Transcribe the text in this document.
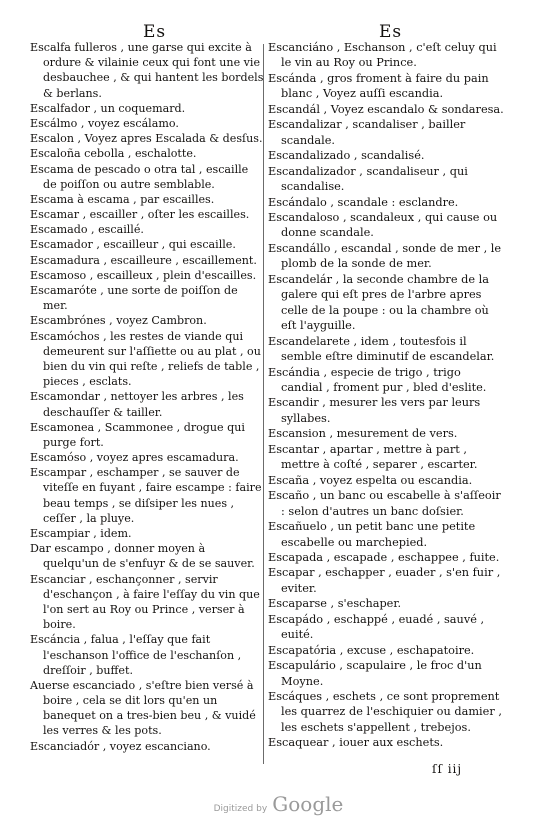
Es	Es

Escalfa fulleros , une garse qui excite à ordure & vilainie ceux qui font une vie desbauchee , & qui hantent les bordels & berlans.

Escalfador , un coquemard.

Escálmo , voyez escálamo.

Escalon , Voyez apres Escalada & desſus.

Escaloña cebolla , eschalotte.

Escama de pescado o otra tal , escaille de poiſſon ou autre semblable.

Escama à escama , par escailles.

Escamar , escailler , oſter les escailles.

Escamado , escaillé.

Escamador , escailleur , qui escaille.

Escamadura , escailleure , escaillement.

Escamoso , escailleux , plein d'escailles.

Escamaróte , une sorte de poiſſon de mer.

Escambrónes , voyez Cambron.

Escamóchos , les restes de viande qui demeurent sur l'aſſiette ou au plat , ou bien du vin qui reſte , reliefs de table , pieces , esclats.

Escamondar , nettoyer les arbres , les deschauſſer & tailler.

Escamonea , Scammonee , drogue qui purge fort.

Escamóso , voyez apres escamadura.

Escampar , eschamper , se sauver de viteſſe en fuyant , faire escampe : faire beau temps , se diſsiper les nues , ceſſer , la pluye.

Escampiar , idem.

Dar escampo , donner moyen à quelqu'un de s'enfuyr & de se sauver.

Escanciar , eschançonner , servir d'eschançon , à faire l'eſſay du vin que l'on sert au Roy ou Prince , verser à boire.

Escáncia , falua , l'eſſay que fait l'eschanson l'office de l'eschanſon , dreſſoir , buffet.

Auerse escanciado , s'eſtre bien versé à boire , cela se dit lors qu'en un banequet on a tres-bien beu , & vuidé les verres & les pots.

Escanciadór , voyez escanciano.

Escanciáno , Eschanson , c'eſt celuy qui le vin au Roy ou Prince.

Escánda , gros froment à faire du pain blanc , Voyez auſſi escandia.

Escandál , Voyez escandalo & sondaresa.

Escandalizar , scandaliser , bailler scandale.

Escandalizado , scandalisé.

Escandalizador , scandaliseur , qui scandalise.

Escándalo , scandale : esclandre.

Escandaloso , scandaleux , qui cause ou donne scandale.

Escandállo , escandal , sonde de mer , le plomb de la sonde de mer.

Escandelár , la seconde chambre de la galere qui eſt pres de l'arbre apres celle de la poupe : ou la chambre où eſt l'ayguille.

Escandelarete , idem , toutesfois il semble eſtre diminutif de escandelar.

Escándia , especie de trigo , trigo candial , froment pur , bled d'eslite.

Escandir , mesurer les vers par leurs syllabes.

Escansion , mesurement de vers.

Escantar , apartar , mettre à part , mettre à coſté , separer , escarter.

Escaña , voyez espelta ou escandia.

Escaño , un banc ou escabelle à s'aſſeoir : selon d'autres un banc doſsier.

Escañuelo , un petit banc une petite escabelle ou marchepied.

Escapada , escapade , eschappee , fuite.

Escapar , eschapper , euader , s'en fuir , eviter.

Escaparse , s'eschaper.

Escapádo , eschappé , euadé , sauvé , euité.

Escapatória , excuse , eschapatoire.

Escapulário , scapulaire , le froc d'un Moyne.

Escáques , eschets , ce sont proprement les quarrez de l'eschiquier ou damier , les eschets s'appellent , trebejos.

Escaquear , iouer aux eschets.

ſſ iij
Digitized by Google
